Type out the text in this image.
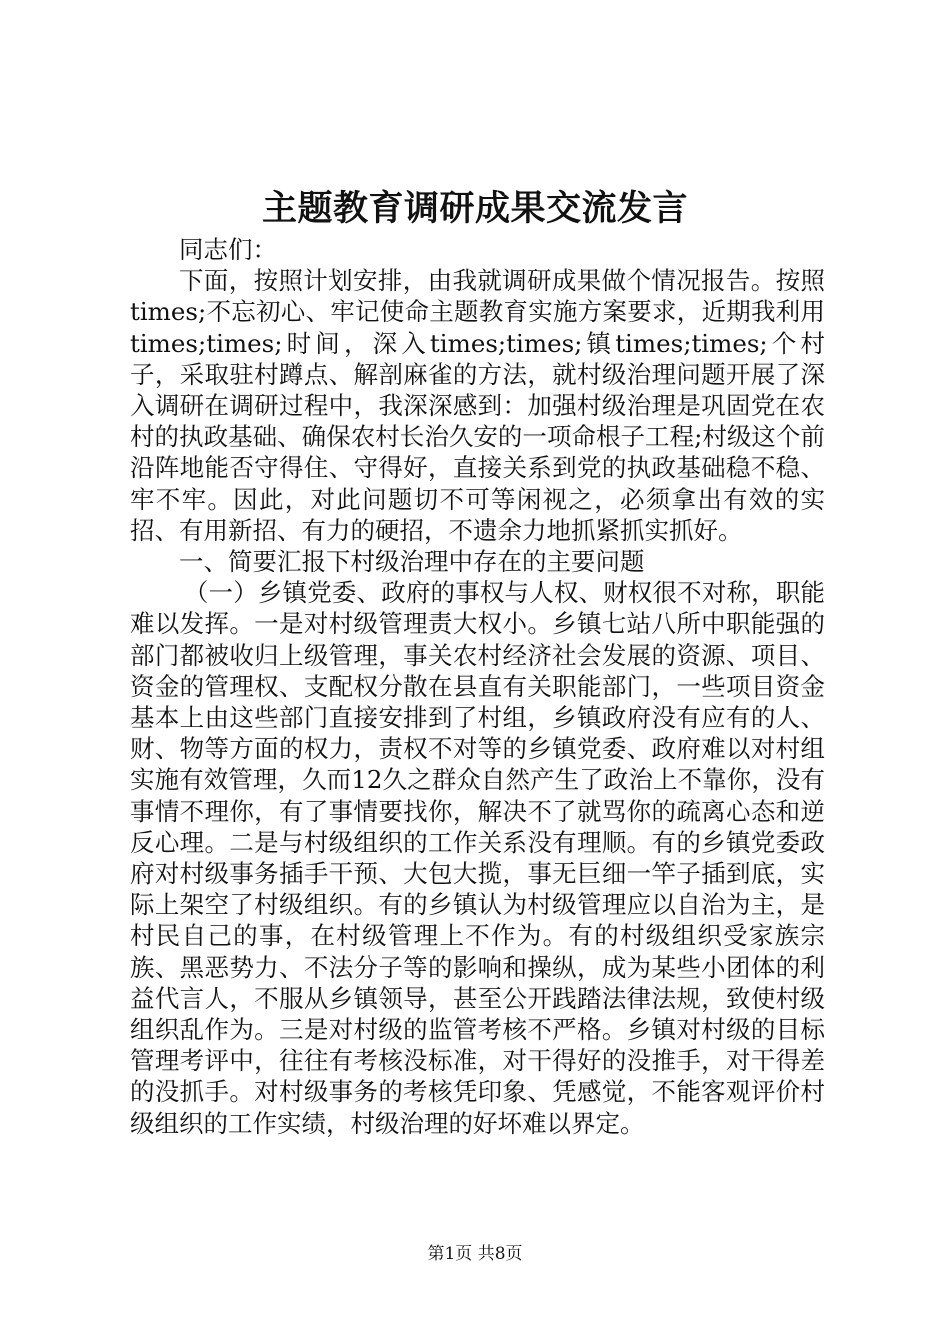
主题教育调研成果交流发言

同志们：

下面，按照计划安排，由我就调研成果做个情况报告。按照times;不忘初心、牢记使命主题教育实施方案要求，近期我利用times;times;时间，深入times;times;镇times;times;个村子，采取驻村蹲点、解剖麻雀的方法，就村级治理问题开展了深入调研在调研过程中，我深深感到：加强村级治理是巩固党在农村的执政基础、确保农村长治久安的一项命根子工程;村级这个前沿阵地能否守得住、守得好，直接关系到党的执政基础稳不稳、牢不牢。因此，对此问题切不可等闲视之，必须拿出有效的实招、有用新招、有力的硬招，不遗余力地抓紧抓实抓好。

一、简要汇报下村级治理中存在的主要问题

（一）乡镇党委、政府的事权与人权、财权很不对称，职能难以发挥。一是对村级管理责大权小。乡镇七站八所中职能强的部门都被收归上级管理，事关农村经济社会发展的资源、项目、资金的管理权、支配权分散在县直有关职能部门，一些项目资金基本上由这些部门直接安排到了村组，乡镇政府没有应有的人、财、物等方面的权力，责权不对等的乡镇党委、政府难以对村组实施有效管理，久而12久之群众自然产生了政治上不靠你，没有事情不理你，有了事情要找你，解决不了就骂你的疏离心态和逆反心理。二是与村级组织的工作关系没有理顺。有的乡镇党委政府对村级事务插手干预、大包大揽，事无巨细一竿子插到底，实际上架空了村级组织。有的乡镇认为村级管理应以自治为主，是村民自己的事，在村级管理上不作为。有的村级组织受家族宗族、黑恶势力、不法分子等的影响和操纵，成为某些小团体的利益代言人，不服从乡镇领导，甚至公开践踏法律法规，致使村级组织乱作为。三是对村级的监管考核不严格。乡镇对村级的目标管理考评中，往往有考核没标准，对干得好的没推手，对干得差的没抓手。对村级事务的考核凭印象、凭感觉，不能客观评价村级组织的工作实绩，村级治理的好坏难以界定。

第1页 共8页
